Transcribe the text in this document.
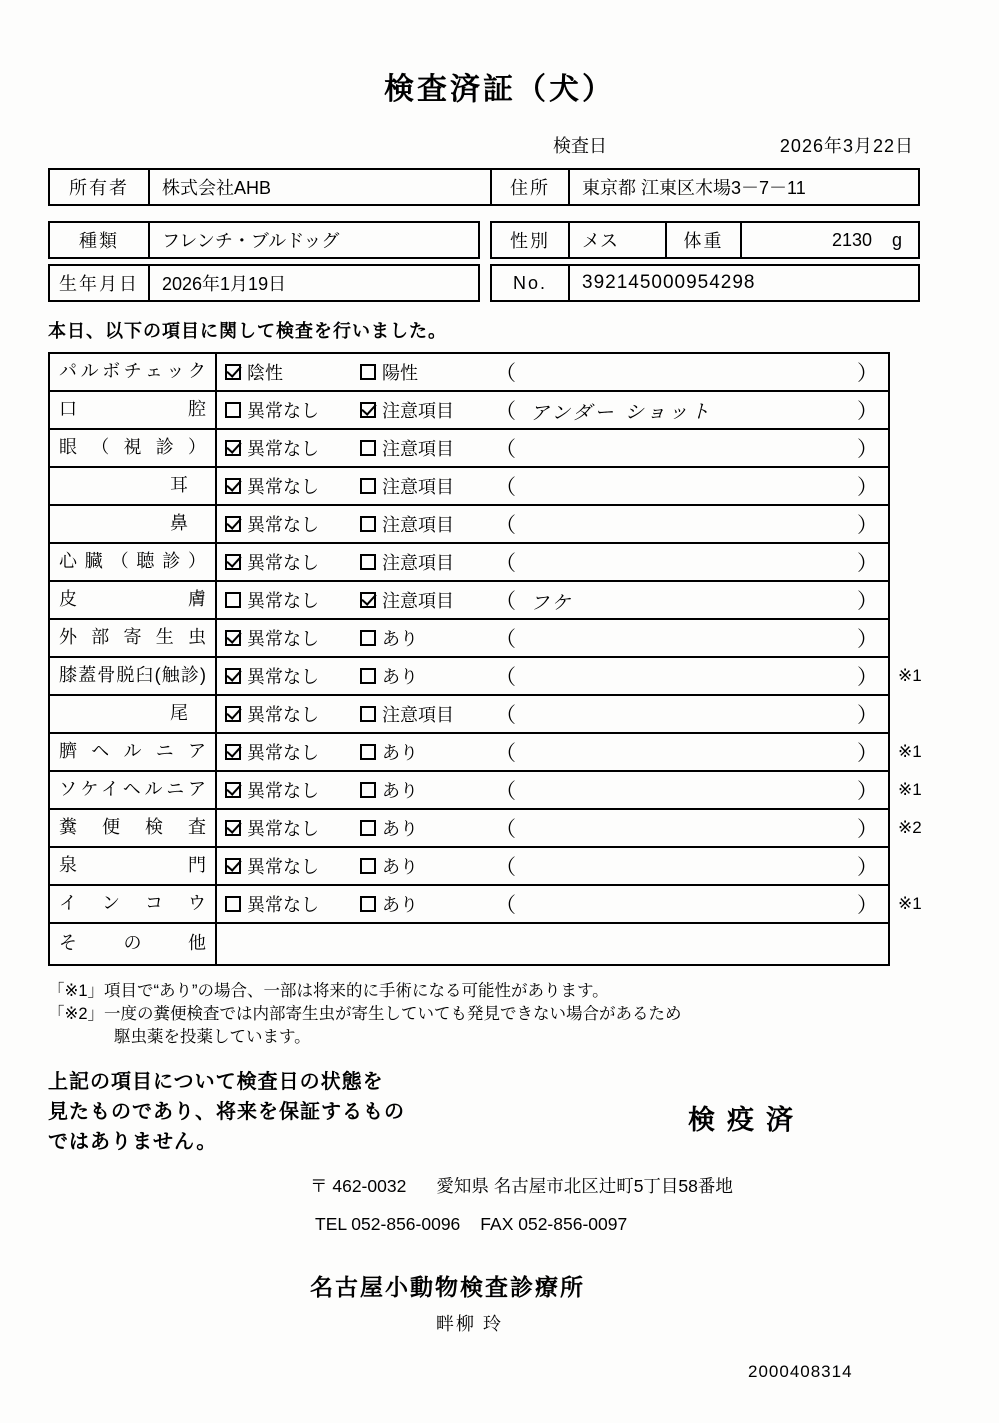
検査済証（犬）
検査日	2026年3月22日
所有者	株式会社AHB	住所	東京都 江東区木場3－7－11
種類	フレンチ・ブルドッグ	性別	メス	体重	2130 g
生年月日	2026年1月19日	No.	392145000954298
本日、以下の項目に関して検査を行いました。
パルボチェック	陰性	陽性	（	）
口腔	異常なし	注意項目 （ アンダー ショット	）
眼（視診）	異常なし	注意項目 （	）
　耳　	異常なし	注意項目 （	）
　鼻　	異常なし	注意項目 （	）
心臓（聴診）	異常なし	注意項目 （	）
皮膚	異常なし	注意項目 （ フケ	）
外部寄生虫	異常なし	あり	（	）
膝蓋骨脱臼(触診)	異常なし	あり	（	）	※1
　尾　	異常なし	注意項目 （	）
臍ヘルニア	異常なし	あり	（	）	※1
ソケイヘルニア	異常なし	あり	（	）	※1
糞便検査	異常なし	あり	（	）	※2
泉門	異常なし	あり	（	）
インコウ	異常なし	あり	（	）	※1
その他
「※1」項目で“あり”の場合、一部は将来的に手術になる可能性があります。
「※2」一度の糞便検査では内部寄生虫が寄生していても発見できない場合があるため
駆虫薬を投薬しています。
上記の項目について検査日の状態を
見たものであり、将来を保証するもの
ではありません。
検疫済
〒 462-0032 愛知県 名古屋市北区辻町5丁目58番地
TEL 052-856-0096 FAX 052-856-0097
名古屋小動物検査診療所
畔柳 玲
2000408314
